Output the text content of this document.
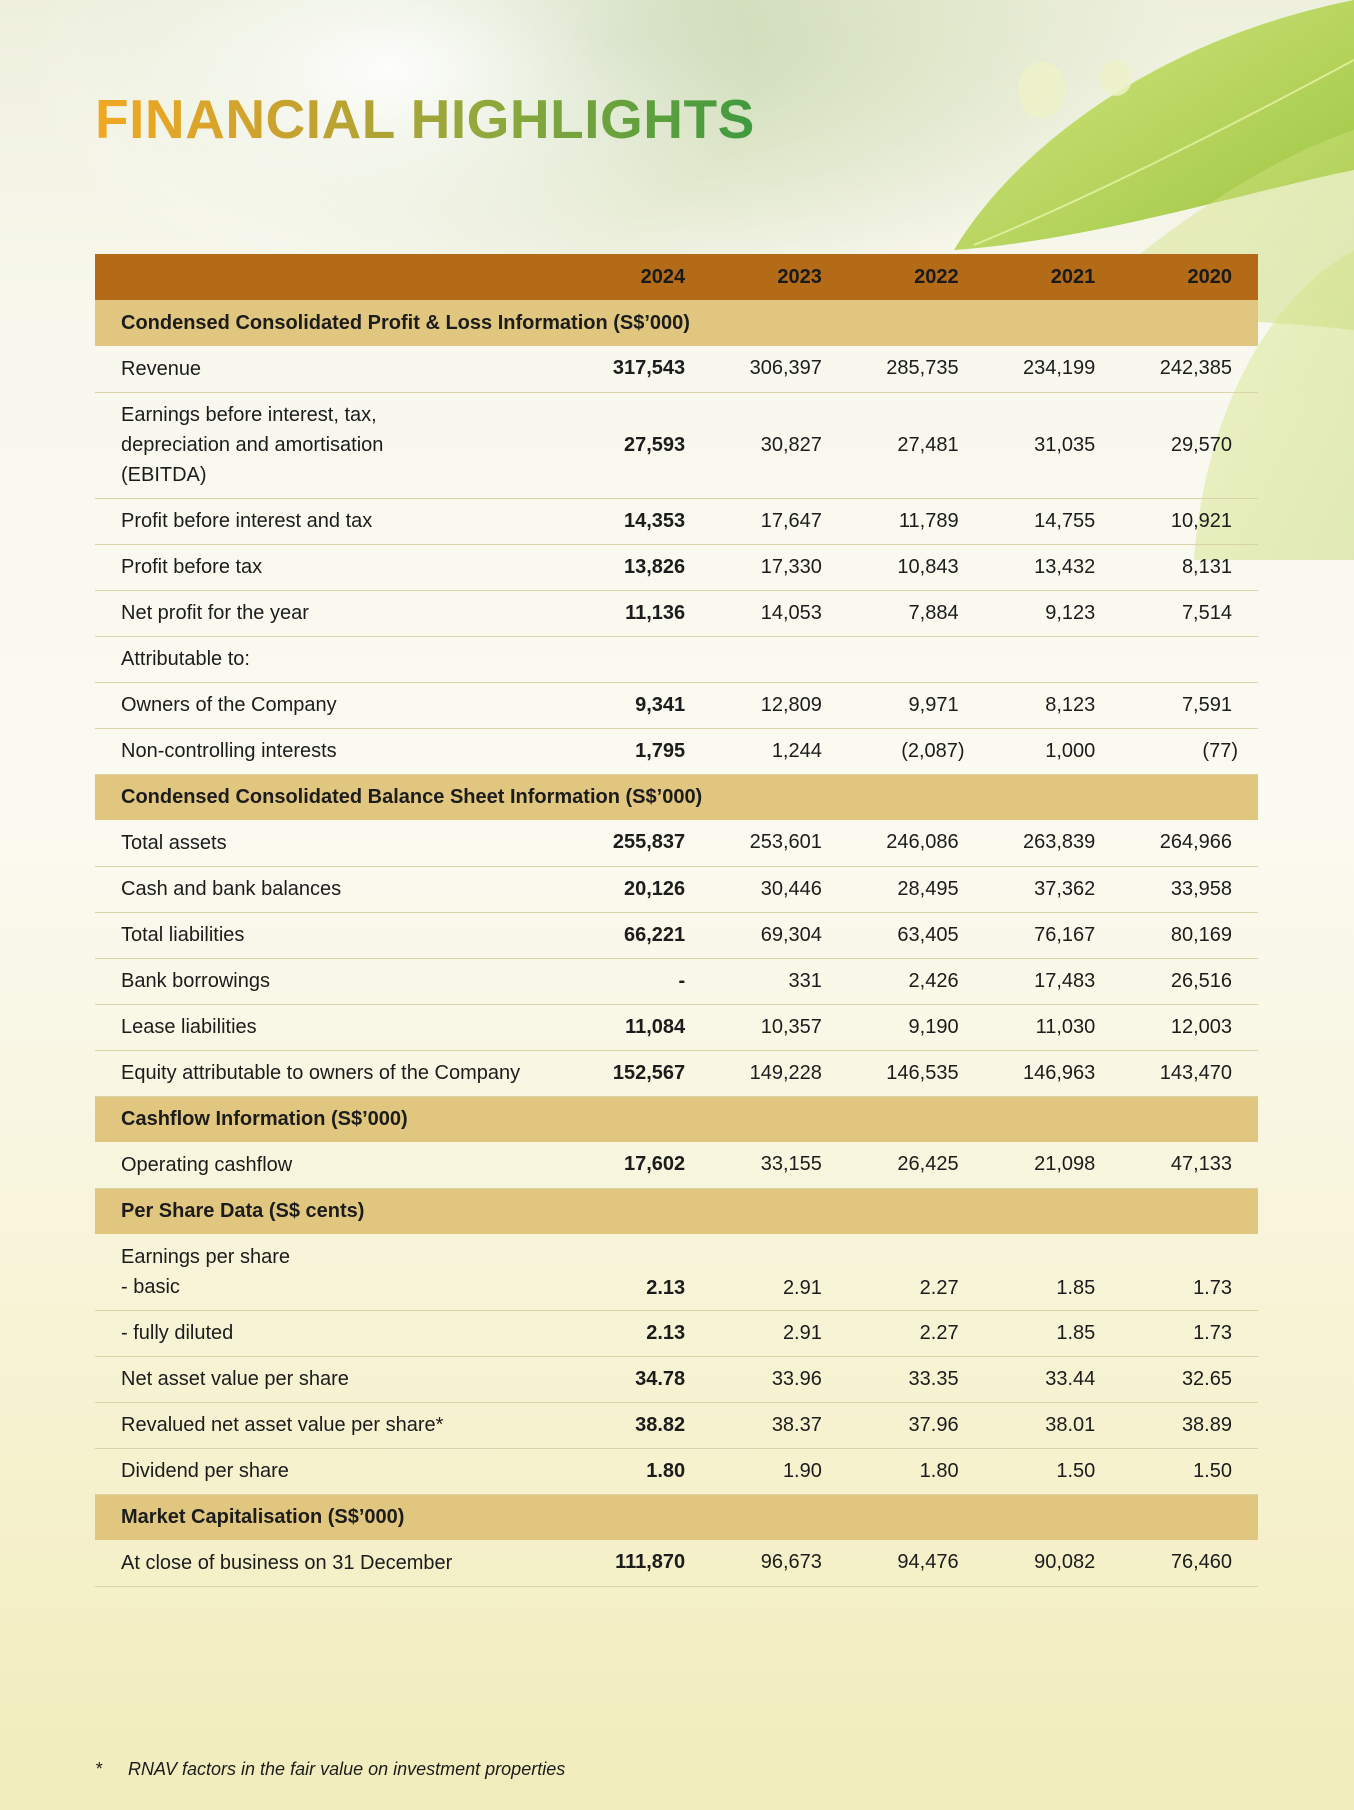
FINANCIAL HIGHLIGHTS
	2024	2023	2022	2021	2020
Condensed Consolidated Profit & Loss Information (S$’000)					
Revenue	317,543	306,397	285,735	234,199	242,385
Earnings before interest, tax,
depreciation and amortisation
(EBITDA)	27,593	30,827	27,481	31,035	29,570
Profit before interest and tax	14,353	17,647	11,789	14,755	10,921
Profit before tax	13,826	17,330	10,843	13,432	8,131
Net profit for the year	11,136	14,053	7,884	9,123	7,514
Attributable to:					
Owners of the Company	9,341	12,809	9,971	8,123	7,591
Non-controlling interests	1,795	1,244	(2,087)	1,000	(77)
Condensed Consolidated Balance Sheet Information (S$’000)					
Total assets	255,837	253,601	246,086	263,839	264,966
Cash and bank balances	20,126	30,446	28,495	37,362	33,958
Total liabilities	66,221	69,304	63,405	76,167	80,169
Bank borrowings	-	331	2,426	17,483	26,516
Lease liabilities	11,084	10,357	9,190	11,030	12,003
Equity attributable to owners of the Company	152,567	149,228	146,535	146,963	143,470
Cashflow Information (S$’000)					
Operating cashflow	17,602	33,155	26,425	21,098	47,133
Per Share Data (S$ cents)					
Earnings per share
- basic	2.13	2.91	2.27	1.85	1.73
- fully diluted	2.13	2.91	2.27	1.85	1.73
Net asset value per share	34.78	33.96	33.35	33.44	32.65
Revalued net asset value per share*	38.82	38.37	37.96	38.01	38.89
Dividend per share	1.80	1.90	1.80	1.50	1.50
Market Capitalisation (S$’000)					
At close of business on 31 December	111,870	96,673	94,476	90,082	76,460
* RNAV factors in the fair value on investment properties
